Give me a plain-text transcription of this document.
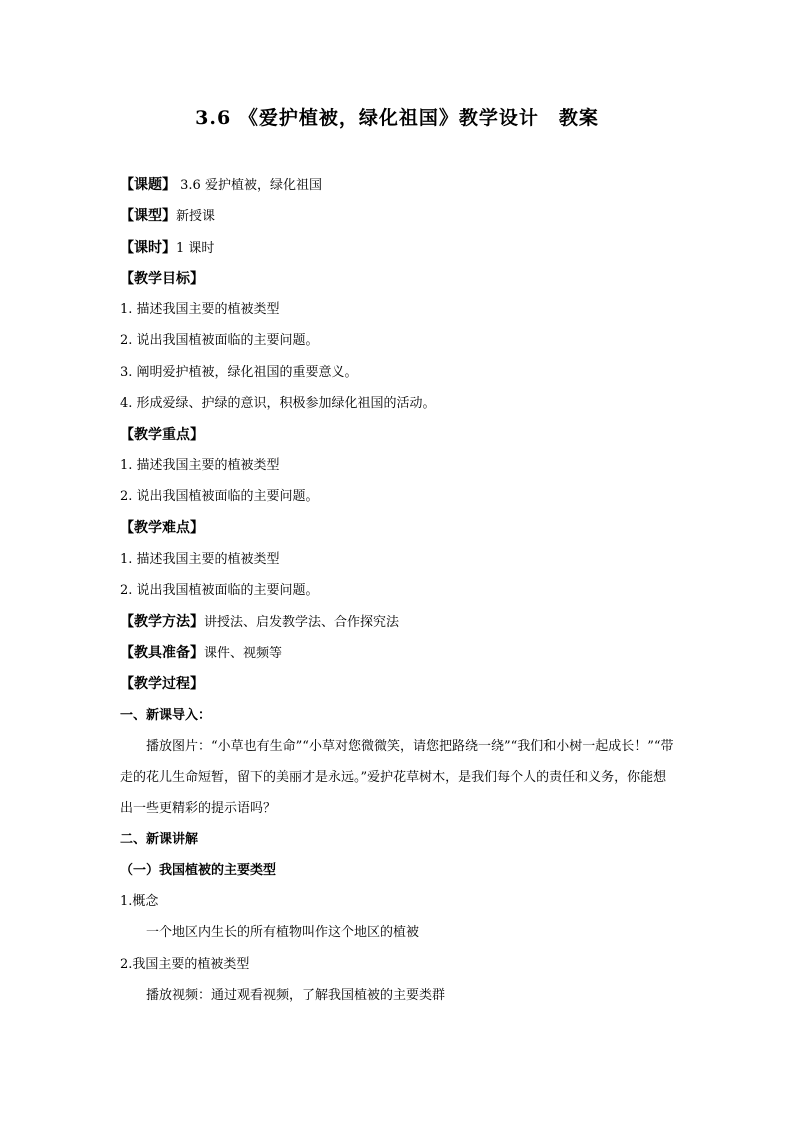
3.6 《爱护植被，绿化祖国》教学设计　教案
【课题】 3.6 爱护植被，绿化祖国
【课型】新授课
【课时】1 课时
【教学目标】
1. 描述我国主要的植被类型
2. 说出我国植被面临的主要问题。
3. 阐明爱护植被，绿化祖国的重要意义。
4. 形成爱绿、护绿的意识，积极参加绿化祖国的活动。
【教学重点】
1. 描述我国主要的植被类型
2. 说出我国植被面临的主要问题。
【教学难点】
1. 描述我国主要的植被类型
2. 说出我国植被面临的主要问题。
【教学方法】讲授法、启发教学法、合作探究法
【教具准备】课件、视频等
【教学过程】
一、新课导入：
播放图片：“小草也有生命”“小草对您微微笑，请您把路绕一绕”“我们和小树一起成长！”“带走的花儿生命短暂，留下的美丽才是永远。”爱护花草树木，是我们每个人的责任和义务，你能想出一些更精彩的提示语吗？
二、新课讲解
（一）我国植被的主要类型
1.概念
一个地区内生长的所有植物叫作这个地区的植被
2.我国主要的植被类型
播放视频：通过观看视频，了解我国植被的主要类群
